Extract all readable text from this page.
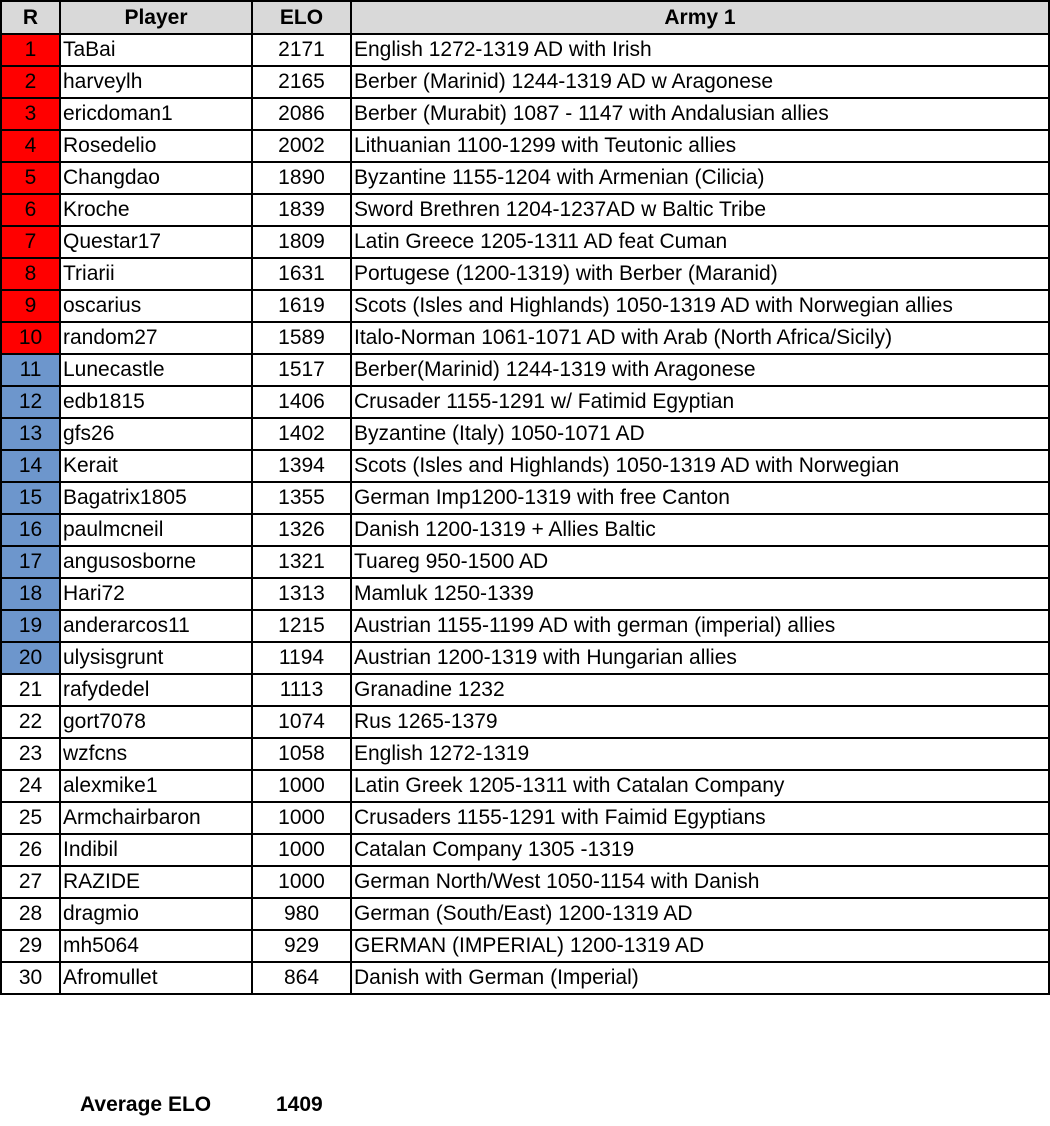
R	Player	ELO	Army 1
1	TaBai	2171	English 1272-1319 AD with Irish
2	harveylh	2165	Berber (Marinid) 1244-1319 AD w Aragonese
3	ericdoman1	2086	Berber (Murabit) 1087 - 1147 with Andalusian allies
4	Rosedelio	2002	Lithuanian 1100-1299 with Teutonic allies
5	Changdao	1890	Byzantine 1155-1204 with Armenian (Cilicia)
6	Kroche	1839	Sword Brethren 1204-1237AD w Baltic Tribe
7	Questar17	1809	Latin Greece 1205-1311 AD feat Cuman
8	Triarii	1631	Portugese (1200-1319) with Berber (Maranid)
9	oscarius	1619	Scots (Isles and Highlands) 1050-1319 AD with Norwegian allies
10	random27	1589	Italo-Norman 1061-1071 AD with Arab (North Africa/Sicily)
11	Lunecastle	1517	Berber(Marinid) 1244-1319 with Aragonese
12	edb1815	1406	Crusader 1155-1291 w/ Fatimid Egyptian
13	gfs26	1402	Byzantine (Italy) 1050-1071 AD
14	Kerait	1394	Scots (Isles and Highlands) 1050-1319 AD with Norwegian
15	Bagatrix1805	1355	German Imp1200-1319 with free Canton
16	paulmcneil	1326	Danish 1200-1319 + Allies Baltic
17	angusosborne	1321	Tuareg 950-1500 AD
18	Hari72	1313	Mamluk 1250-1339
19	anderarcos11	1215	Austrian 1155-1199 AD with german (imperial) allies
20	ulysisgrunt	1194	Austrian 1200-1319 with Hungarian allies
21	rafydedel	1113	Granadine 1232
22	gort7078	1074	Rus 1265-1379
23	wzfcns	1058	English 1272-1319
24	alexmike1	1000	Latin Greek 1205-1311 with Catalan Company
25	Armchairbaron	1000	Crusaders 1155-1291 with Faimid Egyptians
26	Indibil	1000	Catalan Company 1305 -1319
27	RAZIDE	1000	German North/West 1050-1154 with Danish
28	dragmio	980	German (South/East) 1200-1319 AD
29	mh5064	929	GERMAN (IMPERIAL) 1200-1319 AD
30	Afromullet	864	Danish with German (Imperial)
Average ELO	1409
